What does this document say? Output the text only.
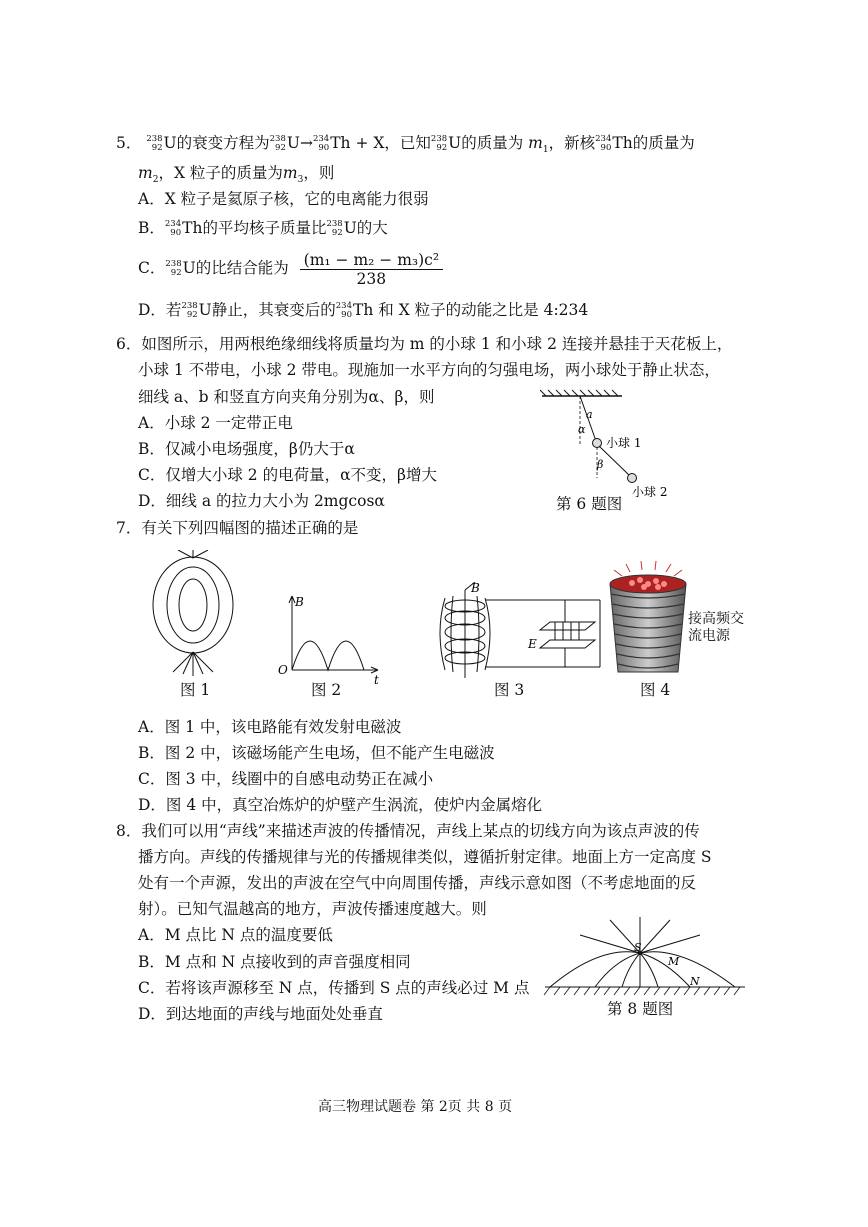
5． 238
92 U的衰变方程为 238
92 U→ 234
90 Th + X，已知 238
92 U的质量为 $m_1$，新核 234
90 Th的质量为
$m_2$，X 粒子的质量为$m_3$，则
A．X 粒子是氦原子核，它的电离能力很弱
B． 234
90 Th的平均核子质量比 238
92 U的大
C． 238
92 U的比结合能为 $\frac{\text{(m₁ − m₂ − m₃)c²}}{238}$
D．若 238
92 U静止，其衰变后的 234
90 Th 和 X 粒子的动能之比是 4:234
6．如图所示，用两根绝缘细线将质量均为 m 的小球 1 和小球 2 连接并悬挂于天花板上，
小球 1 不带电，小球 2 带电。现施加一水平方向的匀强电场，两小球处于静止状态，
细线 a、b 和竖直方向夹角分别为α、β，则
A．小球 2 一定带正电
B．仅减小电场强度，β仍大于α
C．仅增大小球 2 的电荷量，α不变，β增大
D．细线 a 的拉力大小为 2mgcosα
α
a
β
小球 1
小球 2
第 6 题图
7．有关下列四幅图的描述正确的是
图 1
B
O
t
图 2
B
E
图 3
接高频交
流电源
图 4
A．图 1 中，该电路能有效发射电磁波
B．图 2 中，该磁场能产生电场，但不能产生电磁波
C．图 3 中，线圈中的自感电动势正在减小
D．图 4 中，真空冶炼炉的炉壁产生涡流，使炉内金属熔化
8．我们可以用“声线”来描述声波的传播情况，声线上某点的切线方向为该点声波的传
播方向。声线的传播规律与光的传播规律类似，遵循折射定律。地面上方一定高度 S
处有一个声源，发出的声波在空气中向周围传播，声线示意如图（不考虑地面的反
射）。已知气温越高的地方，声波传播速度越大。则
A．M 点比 N 点的温度要低
B．M 点和 N 点接收到的声音强度相同
C．若将该声源移至 N 点，传播到 S 点的声线必过 M 点
D．到达地面的声线与地面处处垂直
S
M
N
第 8 题图
高三物理试题卷 第 2页 共 8 页
